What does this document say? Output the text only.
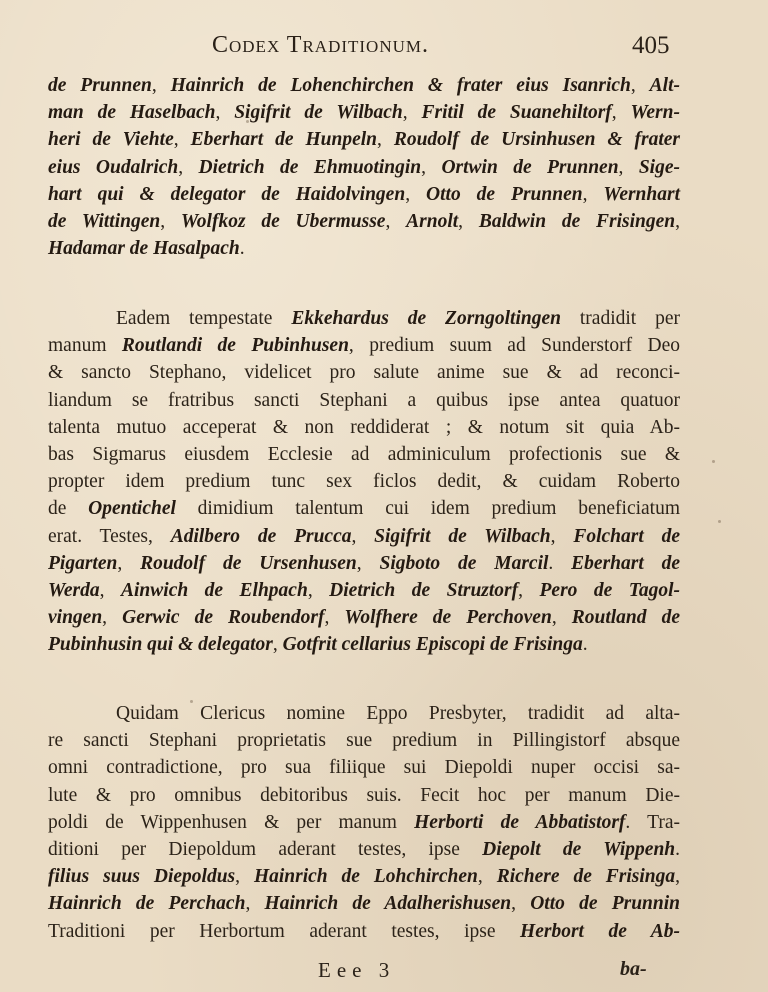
Codex Traditionum.	405

de Prunnen, Hainrich de Lohenchirchen & frater eius Isanrich, Alt-
man de Haselbach, Sigifrit de Wilbach, Fritil de Suanehiltorf, Wern-
heri de Viehte, Eberhart de Hunpeln, Roudolf de Ursinhusen & frater
eius Oudalrich, Dietrich de Ehmuotingin, Ortwin de Prunnen, Sige-
hart qui & delegator de Haidolvingen, Otto de Prunnen, Wernhart
de Wittingen, Wolfkoz de Ubermusse, Arnolt, Baldwin de Frisingen,
Hadamar de Hasalpach.

Eadem tempestate Ekkehardus de Zorngoltingen tradidit per
manum Routlandi de Pubinhusen, predium suum ad Sunderstorf Deo
& sancto Stephano, videlicet pro salute anime sue & ad reconci-
liandum se fratribus sancti Stephani a quibus ipse antea quatuor
talenta mutuo acceperat & non reddiderat ; & notum sit quia Ab-
bas Sigmarus eiusdem Ecclesie ad adminiculum profectionis sue &
propter idem predium tunc sex ficlos dedit, & cuidam Roberto
de Opentichel dimidium talentum cui idem predium beneficiatum
erat. Testes, Adilbero de Prucca, Sigifrit de Wilbach, Folchart de
Pigarten, Roudolf de Ursenhusen, Sigboto de Marcil. Eberhart de
Werda, Ainwich de Elhpach, Dietrich de Struztorf, Pero de Tagol-
vingen, Gerwic de Roubendorf, Wolfhere de Perchoven, Routland de
Pubinhusin qui & delegator, Gotfrit cellarius Episcopi de Frisinga.

Quidam Clericus nomine Eppo Presbyter, tradidit ad alta-
re sancti Stephani proprietatis sue predium in Pillingistorf absque
omni contradictione, pro sua filiique sui Diepoldi nuper occisi sa-
lute & pro omnibus debitoribus suis. Fecit hoc per manum Die-
poldi de Wippenhusen & per manum Herborti de Abbatistorf. Tra-
ditioni per Diepoldum aderant testes, ipse Diepolt de Wippenh.
filius suus Diepoldus, Hainrich de Lohchirchen, Richere de Frisinga,
Hainrich de Perchach, Hainrich de Adalherishusen, Otto de Prunnin
Traditioni per Herbortum aderant testes, ipse Herbort de Ab-

Eee 3	ba-
